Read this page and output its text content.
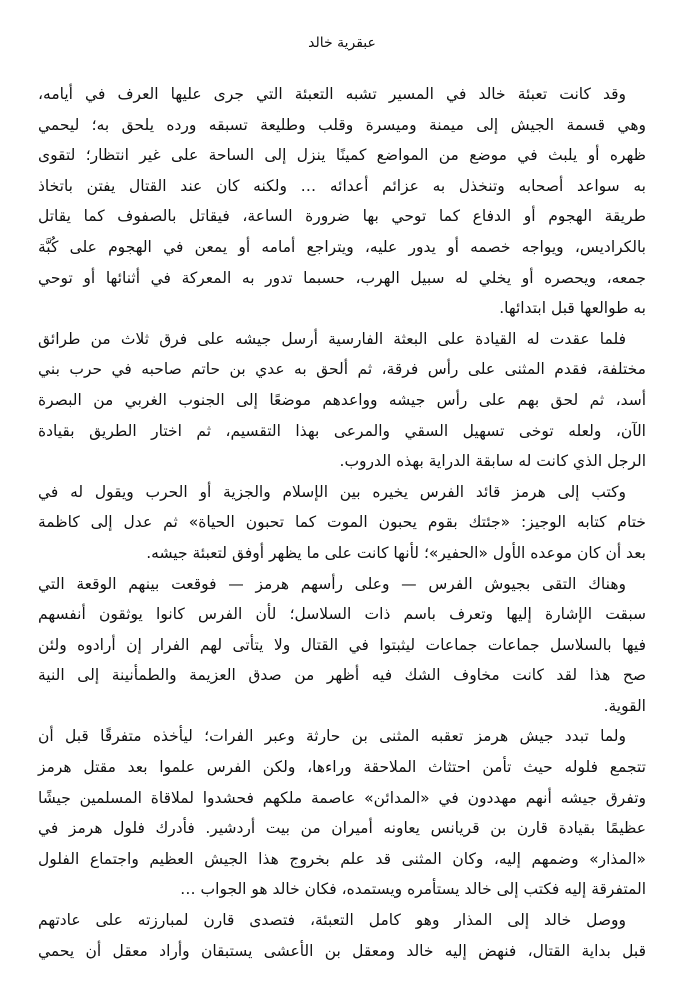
عبقرية خالد
وقد كانت تعبئة خالد في المسير تشبه التعبئة التي جرى عليها العرف في أيامه،
وهي قسمة الجيش إلى ميمنة وميسرة وقلب وطليعة تسبقه ورده يلحق به؛ ليحمي
ظهره أو يلبث في موضع من المواضع كمينًا ينزل إلى الساحة على غير انتظار؛ لتقوى
به سواعد أصحابه وتنخذل به عزائم أعدائه … ولكنه كان عند القتال يفتن باتخاذ
طريقة الهجوم أو الدفاع كما توحي بها ضرورة الساعة، فيقاتل بالصفوف كما يقاتل
بالكراديس، ويواجه خصمه أو يدور عليه، ويتراجع أمامه أو يمعن في الهجوم على كُبَّة
جمعه، ويحصره أو يخلي له سبيل الهرب، حسبما تدور به المعركة في أثنائها أو توحي
به طوالعها قبل ابتدائها.
فلما عقدت له القيادة على البعثة الفارسية أرسل جيشه على فرق ثلاث من طرائق
مختلفة، فقدم المثنى على رأس فرقة، ثم ألحق به عدي بن حاتم صاحبه في حرب بني
أسد، ثم لحق بهم على رأس جيشه وواعدهم موضعًا إلى الجنوب الغربي من البصرة
الآن، ولعله توخى تسهيل السقي والمرعى بهذا التقسيم، ثم اختار الطريق بقيادة
الرجل الذي كانت له سابقة الدراية بهذه الدروب.
وكتب إلى هرمز قائد الفرس يخيره بين الإسلام والجزية أو الحرب ويقول له في
ختام كتابه الوجيز: «جئتك بقوم يحبون الموت كما تحبون الحياة» ثم عدل إلى كاظمة
بعد أن كان موعده الأول «الحفير»؛ لأنها كانت على ما يظهر أوفق لتعبئة جيشه.
وهناك التقى بجيوش الفرس — وعلى رأسهم هرمز — فوقعت بينهم الوقعة التي
سبقت الإشارة إليها وتعرف باسم ذات السلاسل؛ لأن الفرس كانوا يوثقون أنفسهم
فيها بالسلاسل جماعات جماعات ليثبتوا في القتال ولا يتأتى لهم الفرار إن أرادوه ولئن
صح هذا لقد كانت مخاوف الشك فيه أظهر من صدق العزيمة والطمأنينة إلى النية
القوية.
ولما تبدد جيش هرمز تعقبه المثنى بن حارثة وعبر الفرات؛ ليأخذه متفرقًا قبل أن
تتجمع فلوله حيث تأمن احتثاث الملاحقة وراءها، ولكن الفرس علموا بعد مقتل هرمز
وتفرق جيشه أنهم مهددون في «المدائن» عاصمة ملكهم فحشدوا لملاقاة المسلمين جيشًا
عظيمًا بقيادة قارن بن قريانس يعاونه أميران من بيت أردشير. فأدرك فلول هرمز في
«المذار» وضمهم إليه، وكان المثنى قد علم بخروج هذا الجيش العظيم واجتماع الفلول
المتفرقة إليه فكتب إلى خالد يستأمره ويستمده، فكان خالد هو الجواب …
ووصل خالد إلى المذار وهو كامل التعبئة، فتصدى قارن لمبارزته على عادتهم
قبل بداية القتال، فنهض إليه خالد ومعقل بن الأعشى يستبقان وأراد معقل أن يحمي
